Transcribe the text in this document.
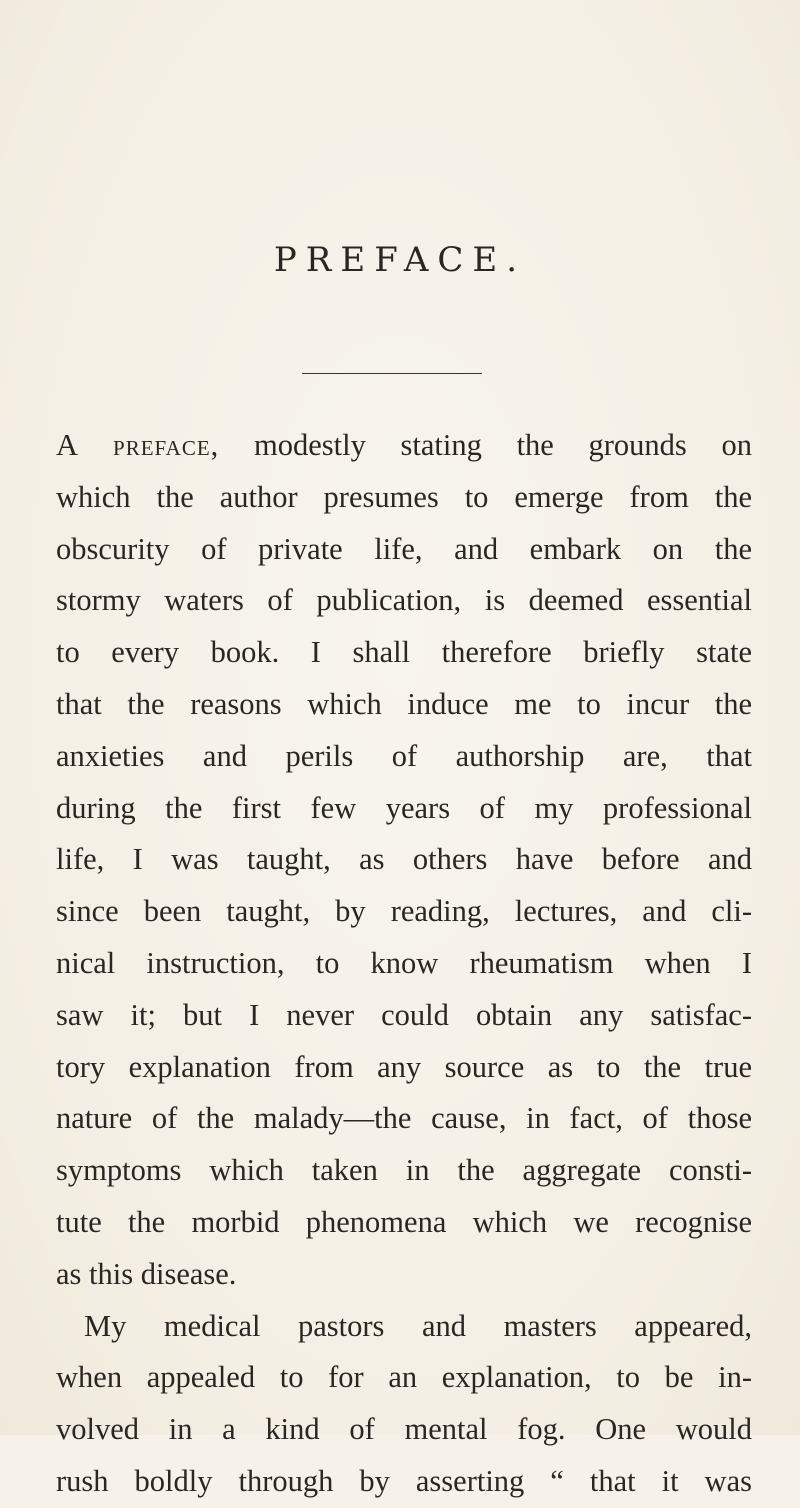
PREFACE.
A preface, modestly stating the grounds on
which the author presumes to emerge from the
obscurity of private life, and embark on the
stormy waters of publication, is deemed essential
to every book. I shall therefore briefly state
that the reasons which induce me to incur the
anxieties and perils of authorship are, that
during the first few years of my professional
life, I was taught, as others have before and
since been taught, by reading, lectures, and cli-
nical instruction, to know rheumatism when I
saw it; but I never could obtain any satisfac-
tory explanation from any source as to the true
nature of the malady—the cause, in fact, of those
symptoms which taken in the aggregate consti-
tute the morbid phenomena which we recognise
as this disease.
My medical pastors and masters appeared,
when appealed to for an explanation, to be in-
volved in a kind of mental fog. One would
rush boldly through by asserting “ that it was
